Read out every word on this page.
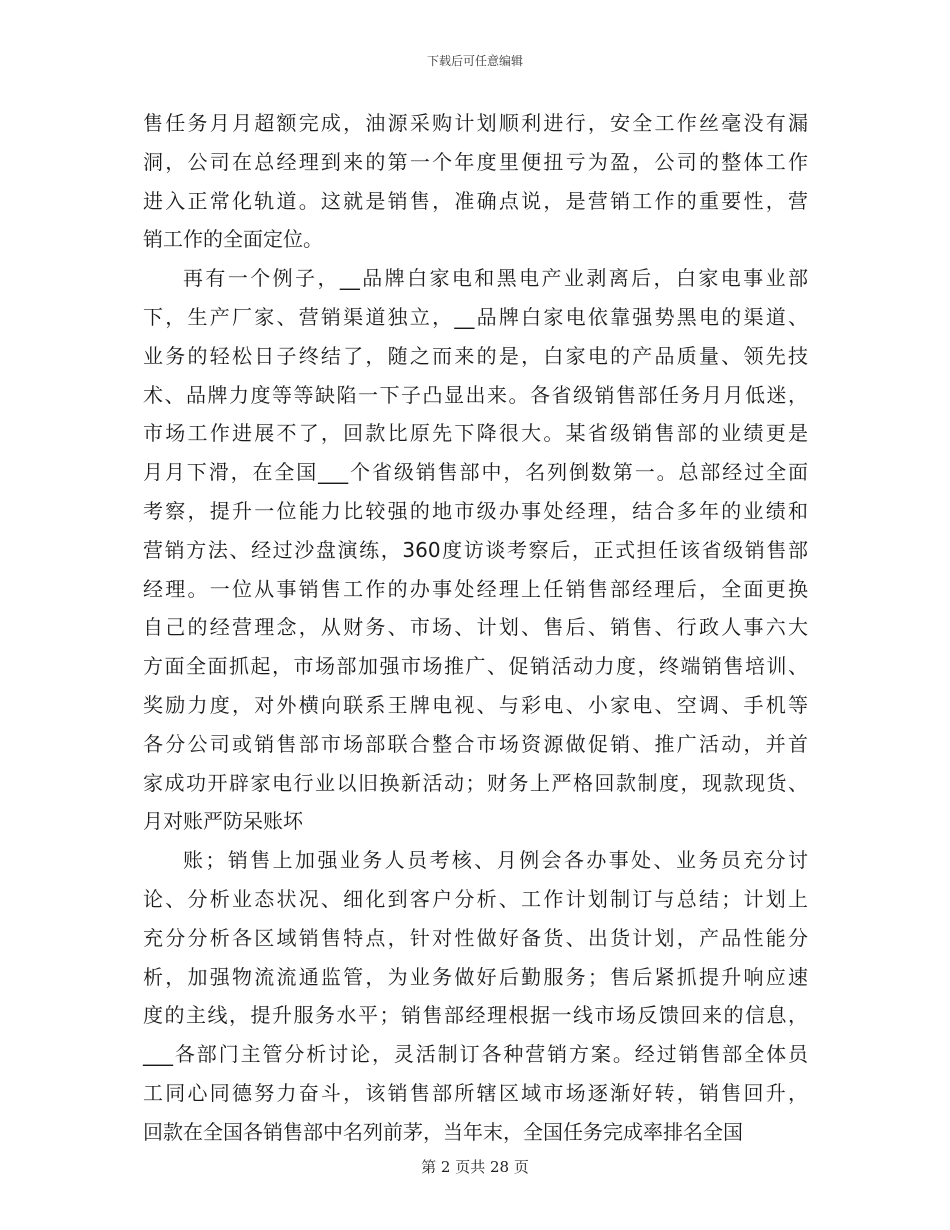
下载后可任意编辑
售任务月月超额完成，油源采购计划顺利进行，安全工作丝毫没有漏
洞，公司在总经理到来的第一个年度里便扭亏为盈，公司的整体工作
进入正常化轨道。这就是销售，准确点说，是营销工作的重要性，营
销工作的全面定位。
再有一个例子，__品牌白家电和黑电产业剥离后，白家电事业部
下，生产厂家、营销渠道独立，__品牌白家电依靠强势黑电的渠道、
业务的轻松日子终结了，随之而来的是，白家电的产品质量、领先技
术、品牌力度等等缺陷一下子凸显出来。各省级销售部任务月月低迷，
市场工作进展不了，回款比原先下降很大。某省级销售部的业绩更是
月月下滑，在全国___个省级销售部中，名列倒数第一。总部经过全面
考察，提升一位能力比较强的地市级办事处经理，结合多年的业绩和
营销方法、经过沙盘演练，360度访谈考察后，正式担任该省级销售部
经理。一位从事销售工作的办事处经理上任销售部经理后，全面更换
自己的经营理念，从财务、市场、计划、售后、销售、行政人事六大
方面全面抓起，市场部加强市场推广、促销活动力度，终端销售培训、
奖励力度，对外横向联系王牌电视、与彩电、小家电、空调、手机等
各分公司或销售部市场部联合整合市场资源做促销、推广活动，并首
家成功开辟家电行业以旧换新活动；财务上严格回款制度，现款现货、
月对账严防呆账坏
账；销售上加强业务人员考核、月例会各办事处、业务员充分讨
论、分析业态状况、细化到客户分析、工作计划制订与总结；计划上
充分分析各区域销售特点，针对性做好备货、出货计划，产品性能分
析，加强物流流通监管，为业务做好后勤服务；售后紧抓提升响应速
度的主线，提升服务水平；销售部经理根据一线市场反馈回来的信息，
___各部门主管分析讨论，灵活制订各种营销方案。经过销售部全体员
工同心同德努力奋斗，该销售部所辖区域市场逐渐好转，销售回升，
回款在全国各销售部中名列前茅，当年末，全国任务完成率排名全国
第 2 页共 28 页
